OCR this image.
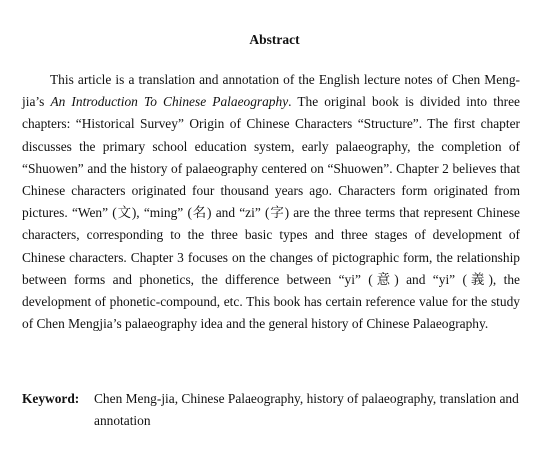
Abstract

This article is a translation and annotation of the English lecture notes of Chen Meng-jia’s An Introduction To Chinese Palaeography. The original book is divided into three chapters: “Historical Survey” Origin of Chinese Characters “Structure”. The first chapter discusses the primary school education system, early palaeography, the completion of “Shuowen” and the history of palaeography centered on “Shuowen”. Chapter 2 believes that Chinese characters originated four thousand years ago. Characters form originated from pictures. “Wen” (文), “ming” (名) and “zi” (字) are the three terms that represent Chinese characters, corresponding to the three basic types and three stages of development of Chinese characters. Chapter 3 focuses on the changes of pictographic form, the relationship between forms and phonetics, the difference between “yi” (意) and “yi” (義), the development of phonetic-compound, etc. This book has certain reference value for the study of Chen Mengjia’s palaeography idea and the general history of Chinese Palaeography.

Keyword:	Chen Meng-jia, Chinese Palaeography, history of palaeography, translation and annotation
